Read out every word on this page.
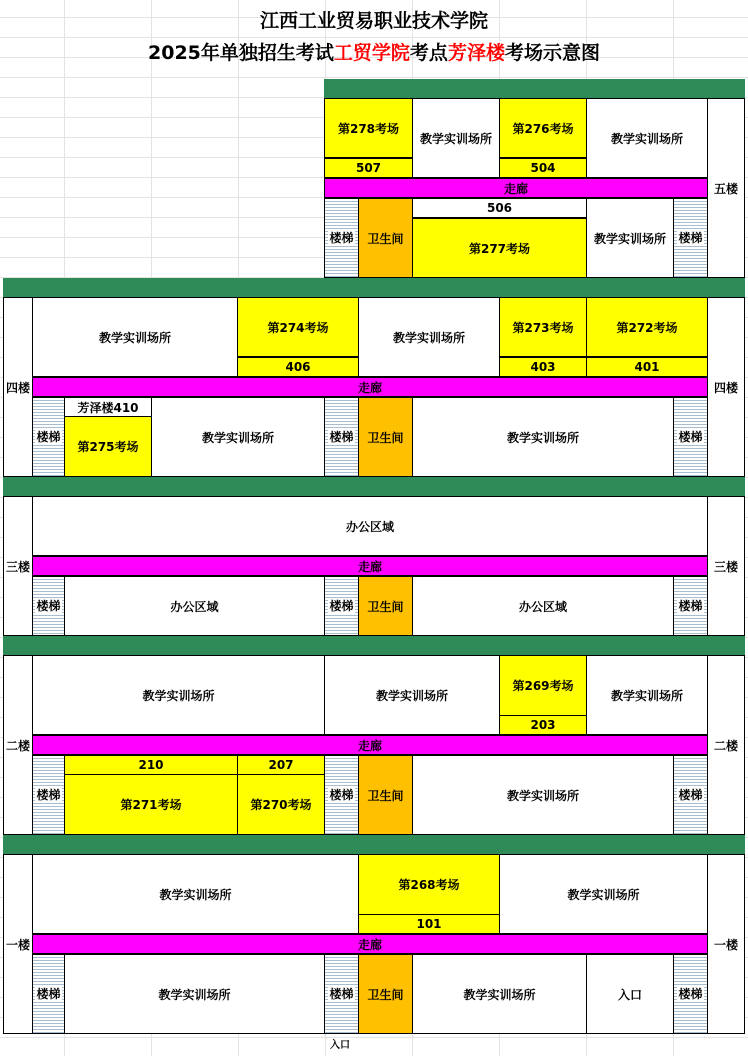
江西工业贸易职业技术学院
2025年单独招生考试工贸学院考点芳泽楼考场示意图
第278考场
507
教学实训场所
第276考场
504
教学实训场所
五楼
走廊
楼梯	卫生间
506
第277考场
教学实训场所	楼梯
四楼
教学实训场所
第274考场
406
教学实训场所
第273考场
403
第272考场
401
四楼
走廊
楼梯
芳泽楼410
第275考场
教学实训场所	楼梯	卫生间	教学实训场所	楼梯
三楼
办公区域
三楼
走廊
楼梯	办公区域	楼梯	卫生间	办公区域	楼梯
二楼
教学实训场所	教学实训场所
第269考场
203
教学实训场所
二楼
走廊
楼梯
210
第271考场
207
第270考场
楼梯	卫生间	教学实训场所	楼梯
一楼
教学实训场所
第268考场
101
教学实训场所
一楼
走廊
楼梯	教学实训场所	楼梯	卫生间	教学实训场所	入口	楼梯
入口
